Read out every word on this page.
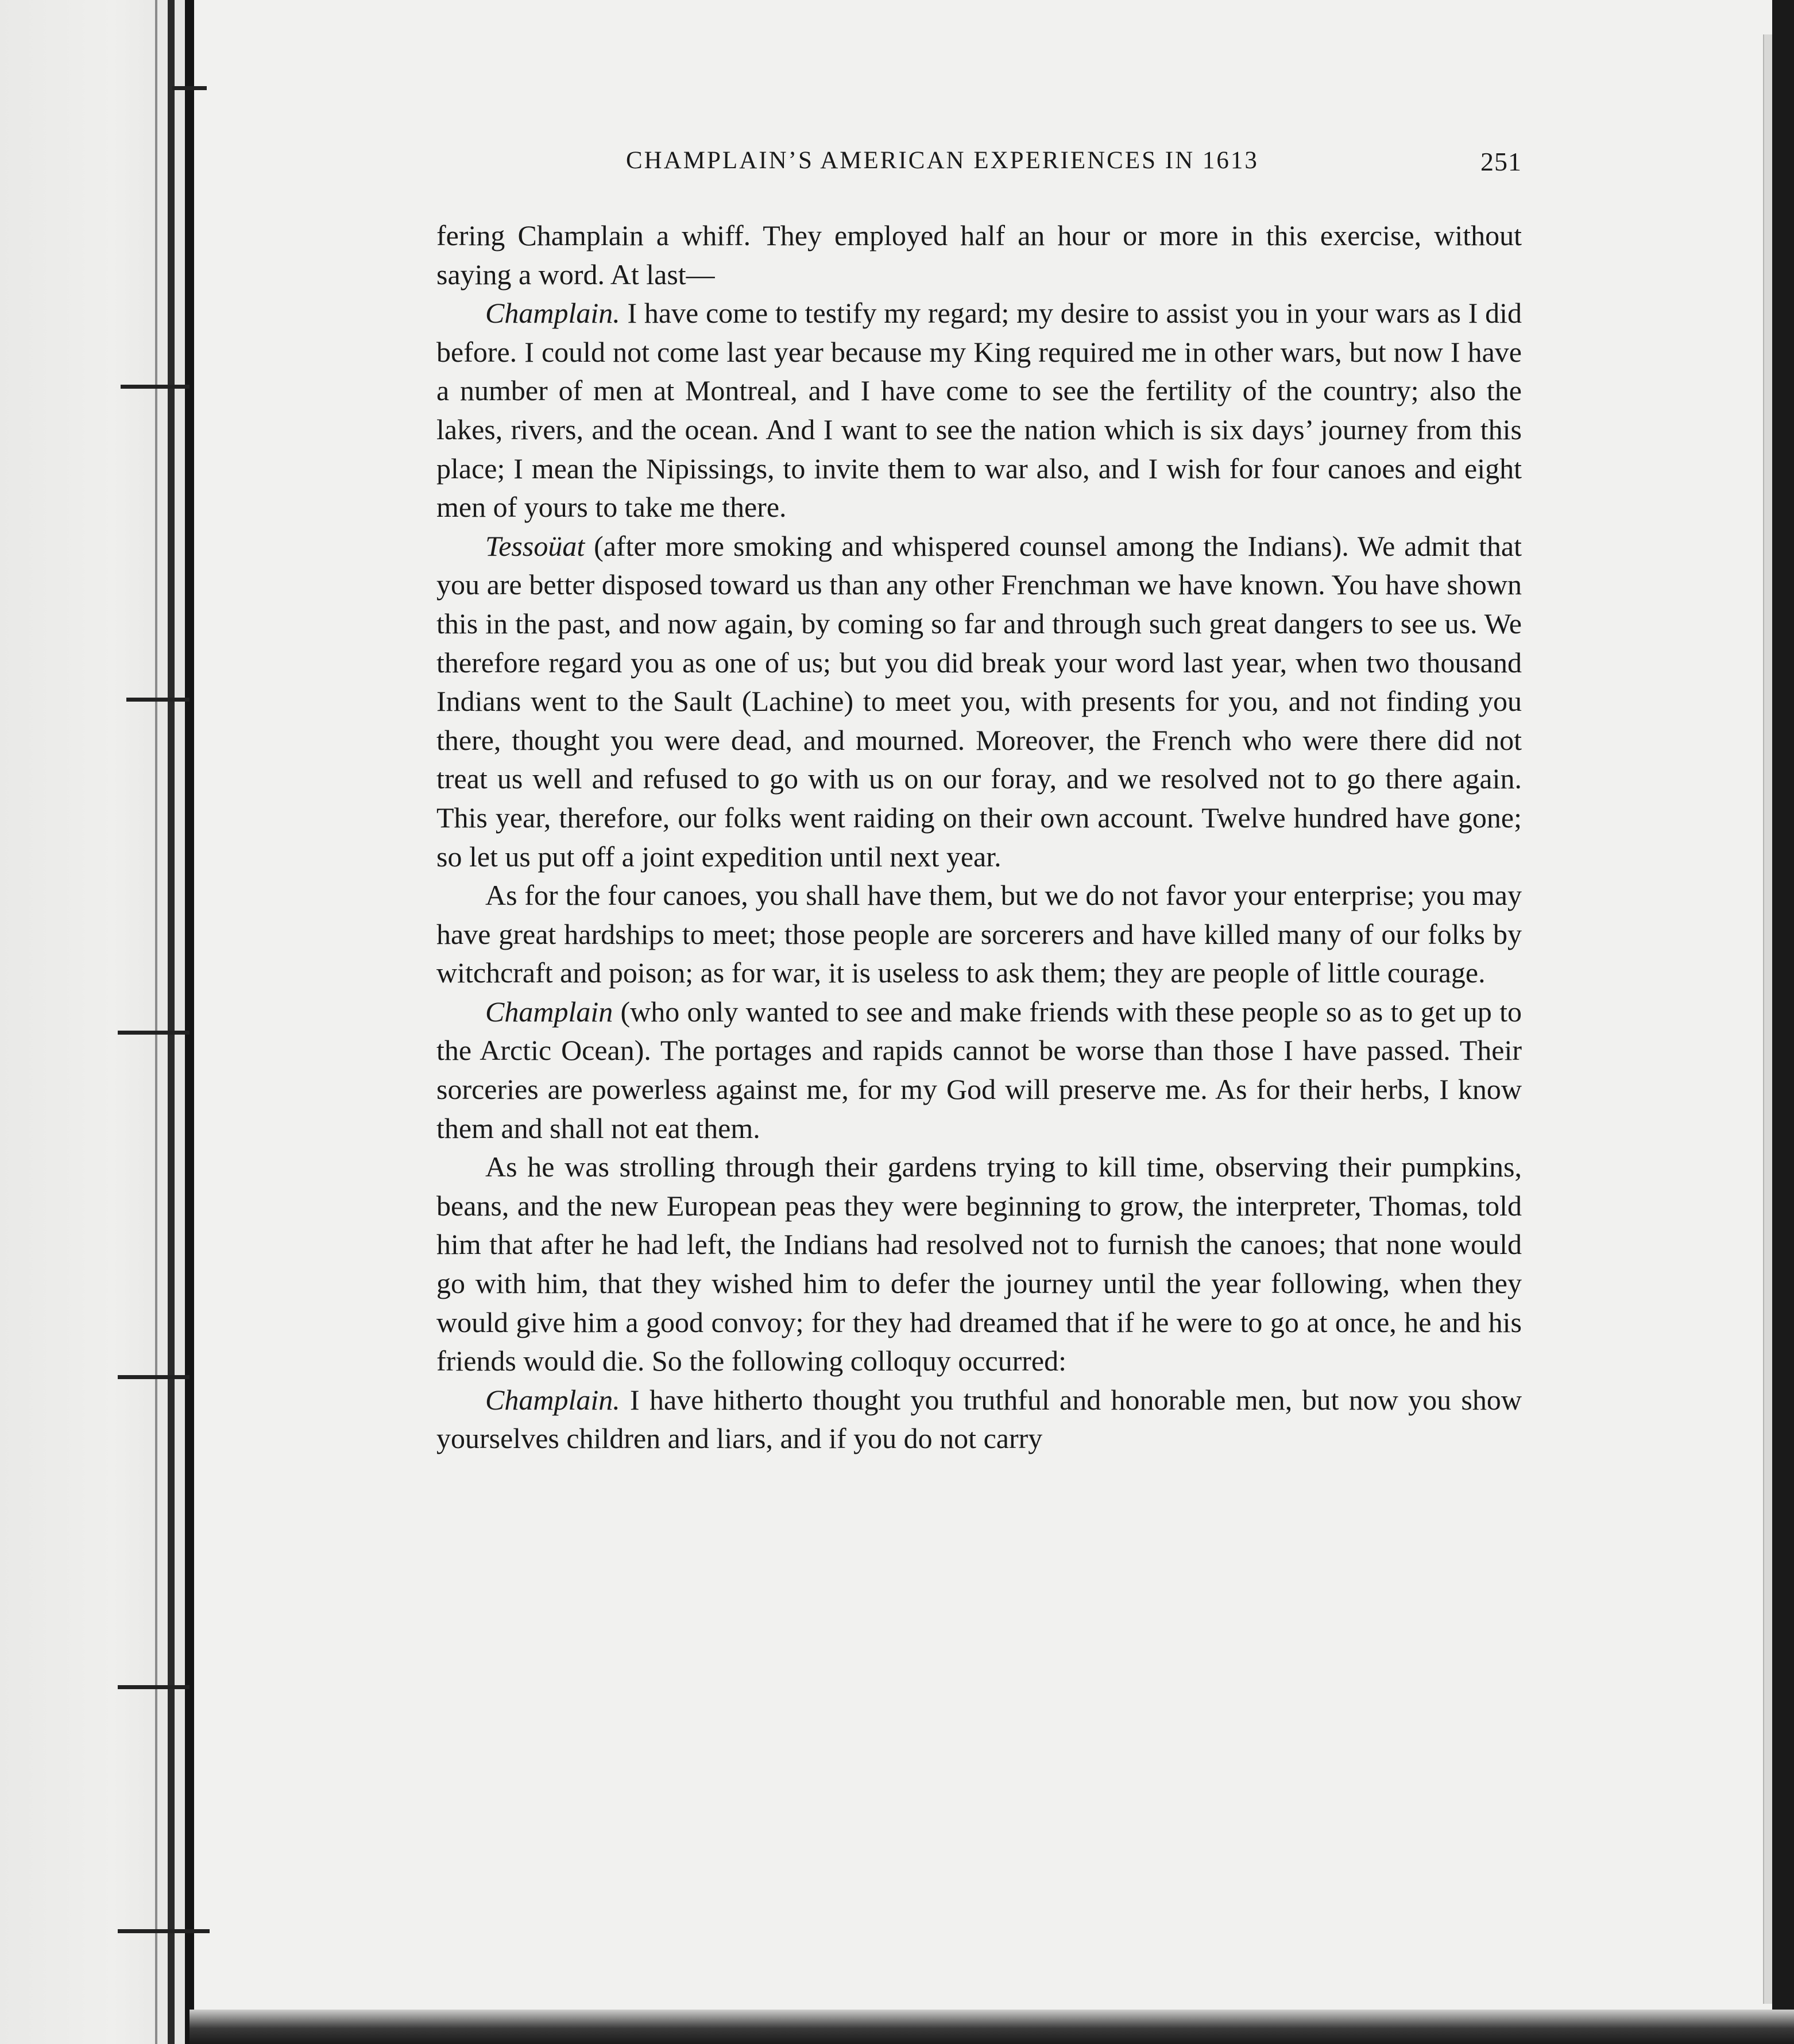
CHAMPLAIN’S AMERICAN EXPERIENCES IN 1613	251

fering Champlain a whiff. They employed half an hour or more in this exercise, without saying a word. At last—

Champlain. I have come to testify my regard; my desire to assist you in your wars as I did before. I could not come last year because my King required me in other wars, but now I have a number of men at Montreal, and I have come to see the fertility of the country; also the lakes, rivers, and the ocean. And I want to see the nation which is six days’ journey from this place; I mean the Nipissings, to invite them to war also, and I wish for four canoes and eight men of yours to take me there.

Tessoüat (after more smoking and whispered counsel among the Indians). We admit that you are better disposed toward us than any other Frenchman we have known. You have shown this in the past, and now again, by coming so far and through such great dangers to see us. We therefore regard you as one of us; but you did break your word last year, when two thousand Indians went to the Sault (Lachine) to meet you, with presents for you, and not finding you there, thought you were dead, and mourned. Moreover, the French who were there did not treat us well and refused to go with us on our foray, and we resolved not to go there again. This year, therefore, our folks went raiding on their own account. Twelve hundred have gone; so let us put off a joint expedition until next year.

As for the four canoes, you shall have them, but we do not favor your enterprise; you may have great hardships to meet; those people are sorcerers and have killed many of our folks by witchcraft and poison; as for war, it is useless to ask them; they are people of little courage.

Champlain (who only wanted to see and make friends with these people so as to get up to the Arctic Ocean). The portages and rapids cannot be worse than those I have passed. Their sorceries are powerless against me, for my God will preserve me. As for their herbs, I know them and shall not eat them.

As he was strolling through their gardens trying to kill time, observing their pumpkins, beans, and the new European peas they were beginning to grow, the interpreter, Thomas, told him that after he had left, the Indians had resolved not to furnish the canoes; that none would go with him, that they wished him to defer the journey until the year following, when they would give him a good convoy; for they had dreamed that if he were to go at once, he and his friends would die. So the following colloquy occurred:

Champlain. I have hitherto thought you truthful and honorable men, but now you show yourselves children and liars, and if you do not carry
